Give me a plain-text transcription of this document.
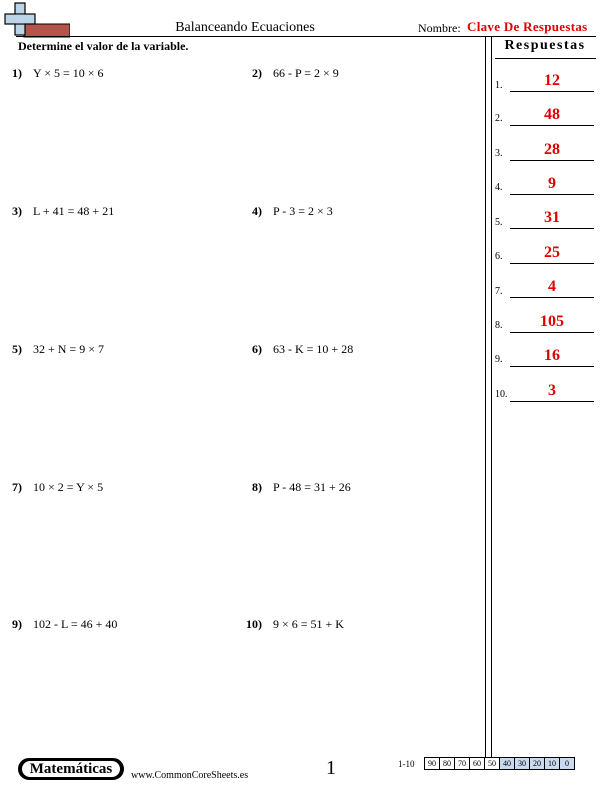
Balanceando Ecuaciones	Nombre: Clave De Respuestas
Determine el valor de la variable.
1) Y × 5 = 10 × 6	2) 66 - P = 2 × 9
3) L + 41 = 48 + 21	4) P - 3 = 2 × 3
5) 32 + N = 9 × 7	6) 63 - K = 10 + 28
7) 10 × 2 = Y × 5	8) P - 48 = 31 + 26
9) 102 - L = 46 + 40	10) 9 × 6 = 51 + K
Respuestas
1.	12
2.	48
3.	28
4.	9
5.	31
6.	25
7.	4
8.	105
9.	16
10.	3
Matemáticas	www.CommonCoreSheets.es	1	1-10 90	80	70	60	50	40	30	20	10	0
